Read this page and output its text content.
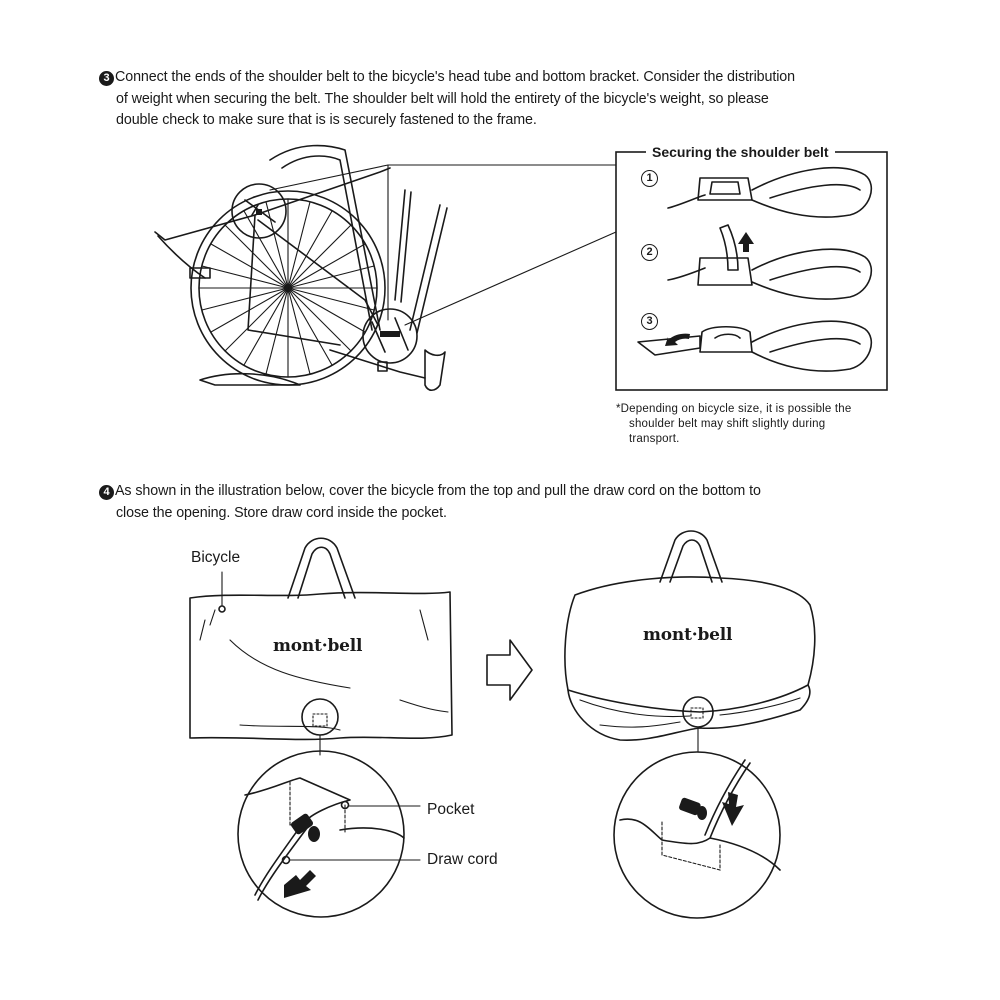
3 Connect the ends of the shoulder belt to the bicycle's head tube and bottom bracket. Consider the distribution
of weight when securing the belt. The shoulder belt will hold the entirety of the bicycle's weight, so please
double check to make sure that is is securely fastened to the frame.
Securing the shoulder belt
1
2
3
*Depending on bicycle size, it is possible the
shoulder belt may shift slightly during
transport.
4 As shown in the illustration below, cover the bicycle from the top and pull the draw cord on the bottom to
close the opening. Store draw cord inside the pocket.
Bicycle
mont·bell
mont·bell
Pocket
Draw cord
